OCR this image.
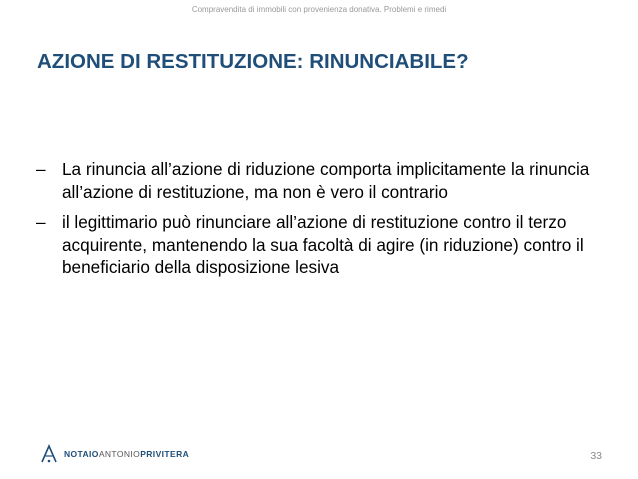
Compravendita di immobili con provenienza donativa. Problemi e rimedi
AZIONE DI RESTITUZIONE: RINUNCIABILE?
– La rinuncia all’azione di riduzione comporta implicitamente la rinuncia all’azione di restituzione, ma non è vero il contrario
– il legittimario può rinunciare all’azione di restituzione contro il terzo acquirente, mantenendo la sua facoltà di agire (in riduzione) contro il beneficiario della disposizione lesiva
NOTAIOANTONIOPRIVITERA	33
